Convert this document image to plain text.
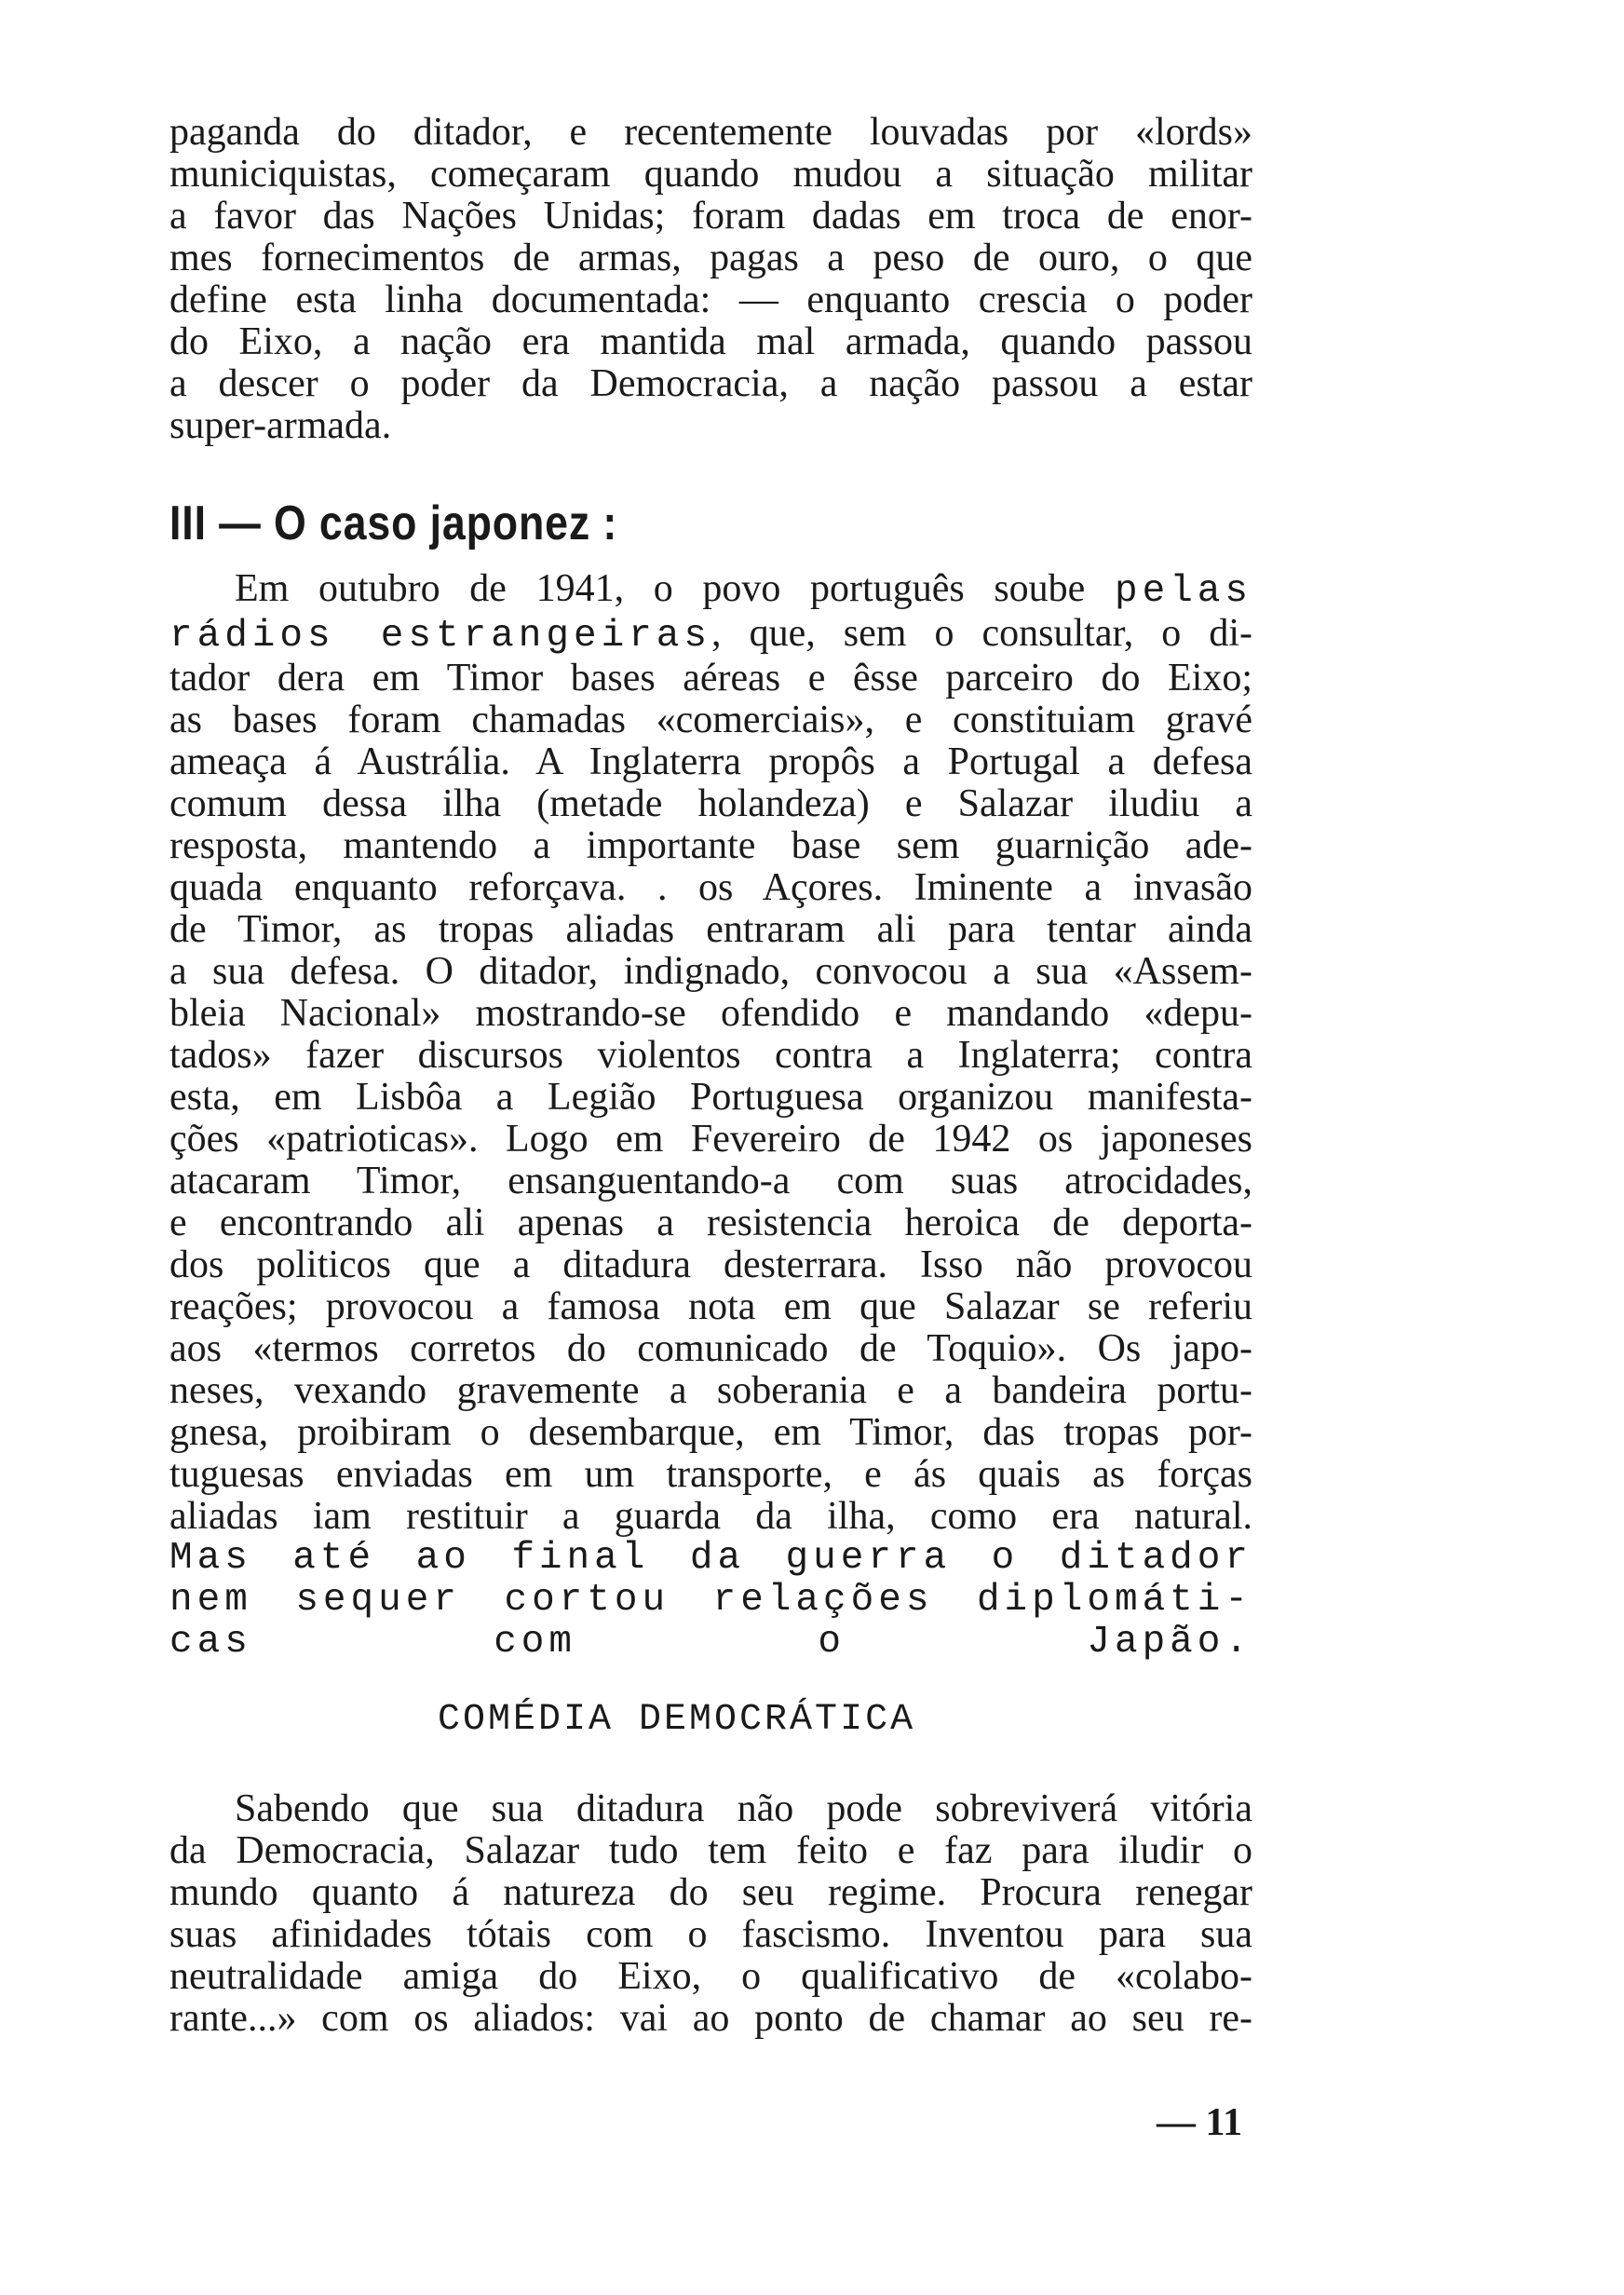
paganda do ditador, e recentemente louvadas por «lords»
municiquistas, começaram quando mudou a situação militar
a favor das Nações Unidas; foram dadas em troca de enor-
mes fornecimentos de armas, pagas a peso de ouro, o que
define esta linha documentada: — enquanto crescia o poder
do Eixo, a nação era mantida mal armada, quando passou
a descer o poder da Democracia, a nação passou a estar
super-armada.
III — O caso japonez :
Em outubro de 1941, o povo português soube pelas
rádios estrangeiras, que, sem o consultar, o di-
tador dera em Timor bases aéreas e êsse parceiro do Eixo;
as bases foram chamadas «comerciais», e constituiam gravé
ameaça á Austrália. A Inglaterra propôs a Portugal a defesa
comum dessa ilha (metade holandeza) e Salazar iludiu a
resposta, mantendo a importante base sem guarnição ade-
quada enquanto reforçava. . os Açores. Iminente a invasão
de Timor, as tropas aliadas entraram ali para tentar ainda
a sua defesa. O ditador, indignado, convocou a sua «Assem-
bleia Nacional» mostrando-se ofendido e mandando «depu-
tados» fazer discursos violentos contra a Inglaterra; contra
esta, em Lisbôa a Legião Portuguesa organizou manifesta-
ções «patrioticas». Logo em Fevereiro de 1942 os japoneses
atacaram Timor, ensanguentando-a com suas atrocidades,
e encontrando ali apenas a resistencia heroica de deporta-
dos politicos que a ditadura desterrara. Isso não provocou
reações; provocou a famosa nota em que Salazar se referiu
aos «termos corretos do comunicado de Toquio». Os japo-
neses, vexando gravemente a soberania e a bandeira portu-
gnesa, proibiram o desembarque, em Timor, das tropas por-
tuguesas enviadas em um transporte, e ás quais as forças
aliadas iam restituir a guarda da ilha, como era natural.
Mas até ao final da guerra o ditador
nem sequer cortou relações diplomáti-
cas com o Japão.
COMÉDIA DEMOCRÁTICA
Sabendo que sua ditadura não pode sobreviverá vitória
da Democracia, Salazar tudo tem feito e faz para iludir o
mundo quanto á natureza do seu regime. Procura renegar
suas afinidades tótais com o fascismo. Inventou para sua
neutralidade amiga do Eixo, o qualificativo de «colabo-
rante...» com os aliados: vai ao ponto de chamar ao seu re-
— 11
